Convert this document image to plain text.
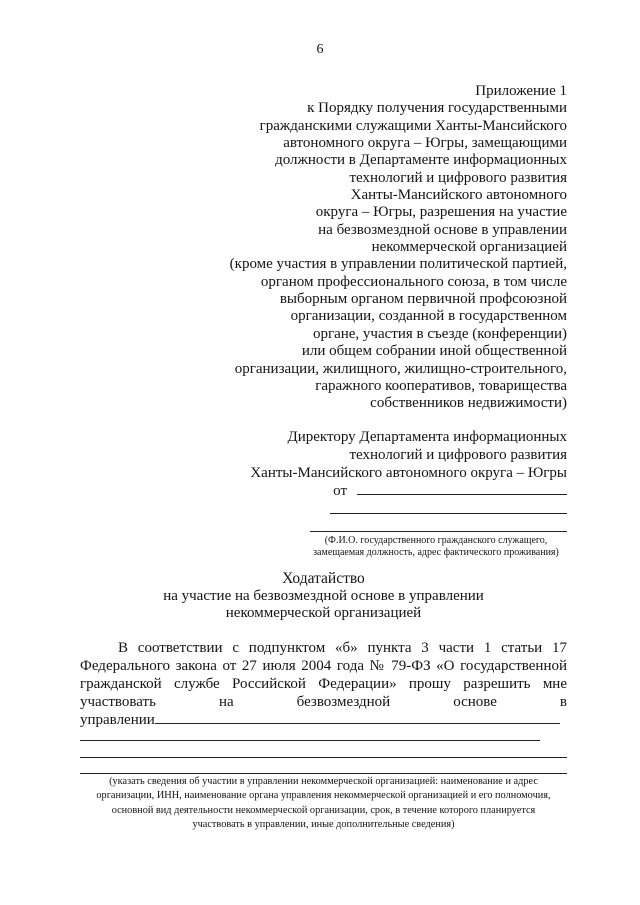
6
Приложение 1
к Порядку получения государственными
гражданскими служащими Ханты-Мансийского
автономного округа – Югры, замещающими
должности в Департаменте информационных
технологий и цифрового развития
Ханты-Мансийского автономного
округа – Югры, разрешения на участие
на безвозмездной основе в управлении
некоммерческой организацией
(кроме участия в управлении политической партией,
органом профессионального союза, в том числе
выборным органом первичной профсоюзной
организации, созданной в государственном
органе, участия в съезде (конференции)
или общем собрании иной общественной
организации, жилищного, жилищно-строительного,
гаражного кооперативов, товарищества
собственников недвижимости)
Директору Департамента информационных
технологий и цифрового развития
Ханты-Мансийского автономного округа – Югры
от
(Ф.И.О. государственного гражданского служащего,
замещаемая должность, адрес фактического проживания)
Ходатайство
на участие на безвозмездной основе в управлении
некоммерческой организацией
В соответствии с подпунктом «б» пункта 3 части 1 статьи 17
Федерального закона от 27 июля 2004 года № 79-ФЗ «О государственной
гражданской службе Российской Федерации» прошу разрешить мне
участвовать на безвозмездной основе в
управлении
(указать сведения об участии в управлении некоммерческой организацией: наименование и адрес
организации, ИНН, наименование органа управления некоммерческой организацией и его полномочия,
основной вид деятельности некоммерческой организации, срок, в течение которого планируется
участвовать в управлении, иные дополнительные сведения)
